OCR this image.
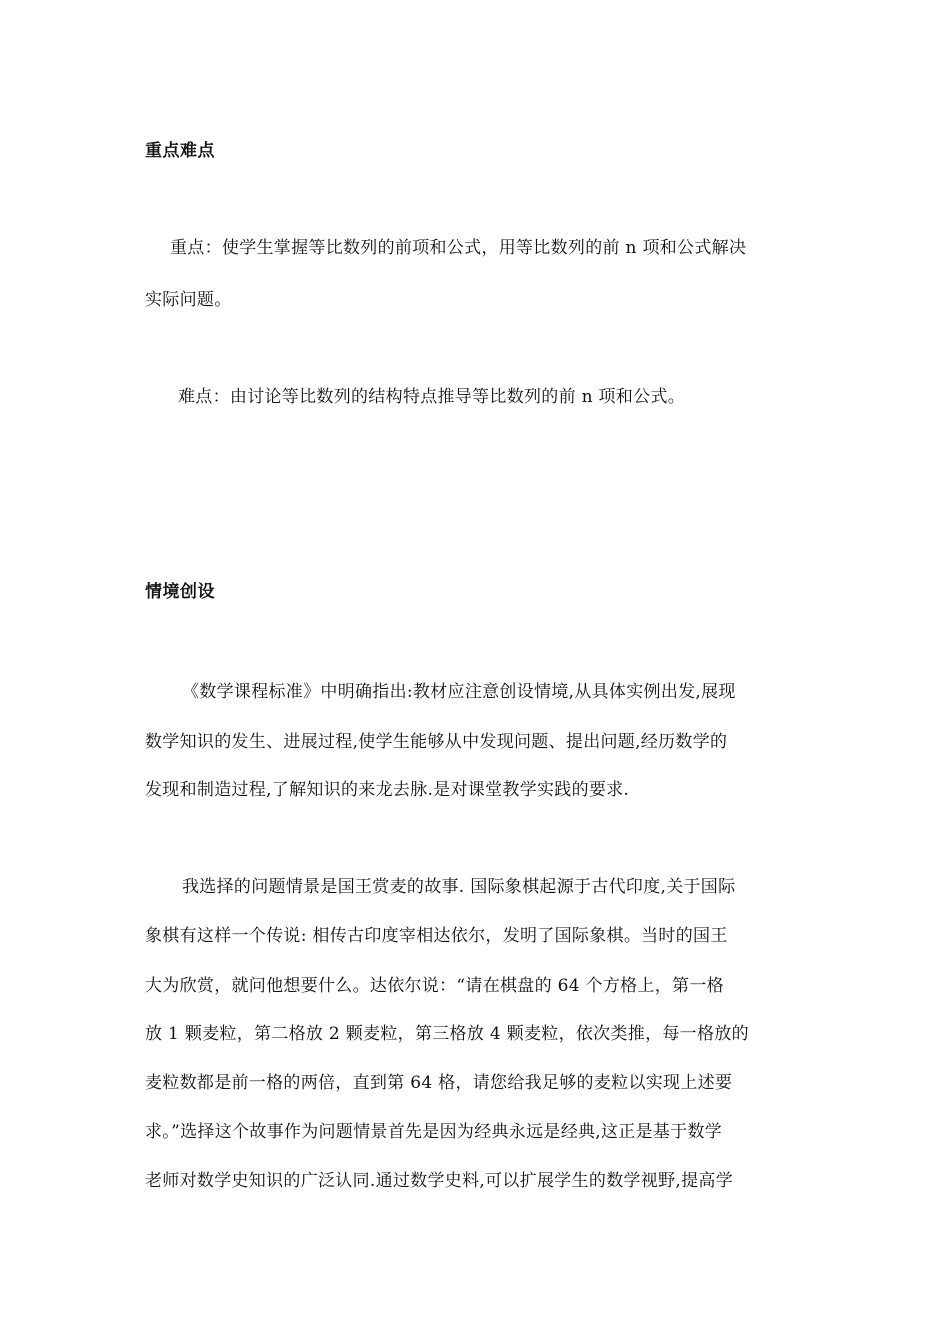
重点难点
重点：使学生掌握等比数列的前项和公式，用等比数列的前 n 项和公式解决
实际问题。
难点：由讨论等比数列的结构特点推导等比数列的前 n 项和公式。
情境创设
《数学课程标准》中明确指出:教材应注意创设情境,从具体实例出发,展现
数学知识的发生、进展过程,使学生能够从中发现问题、提出问题,经历数学的
发现和制造过程,了解知识的来龙去脉.是对课堂教学实践的要求.
我选择的问题情景是国王赏麦的故事. 国际象棋起源于古代印度,关于国际
象棋有这样一个传说: 相传古印度宰相达依尔，发明了国际象棋。当时的国王
大为欣赏，就问他想要什么。达依尔说：“请在棋盘的 64 个方格上，第一格
放 1 颗麦粒，第二格放 2 颗麦粒，第三格放 4 颗麦粒，依次类推，每一格放的
麦粒数都是前一格的两倍，直到第 64 格，请您给我足够的麦粒以实现上述要
求。”选择这个故事作为问题情景首先是因为经典永远是经典,这正是基于数学
老师对数学史知识的广泛认同.通过数学史料,可以扩展学生的数学视野,提高学
